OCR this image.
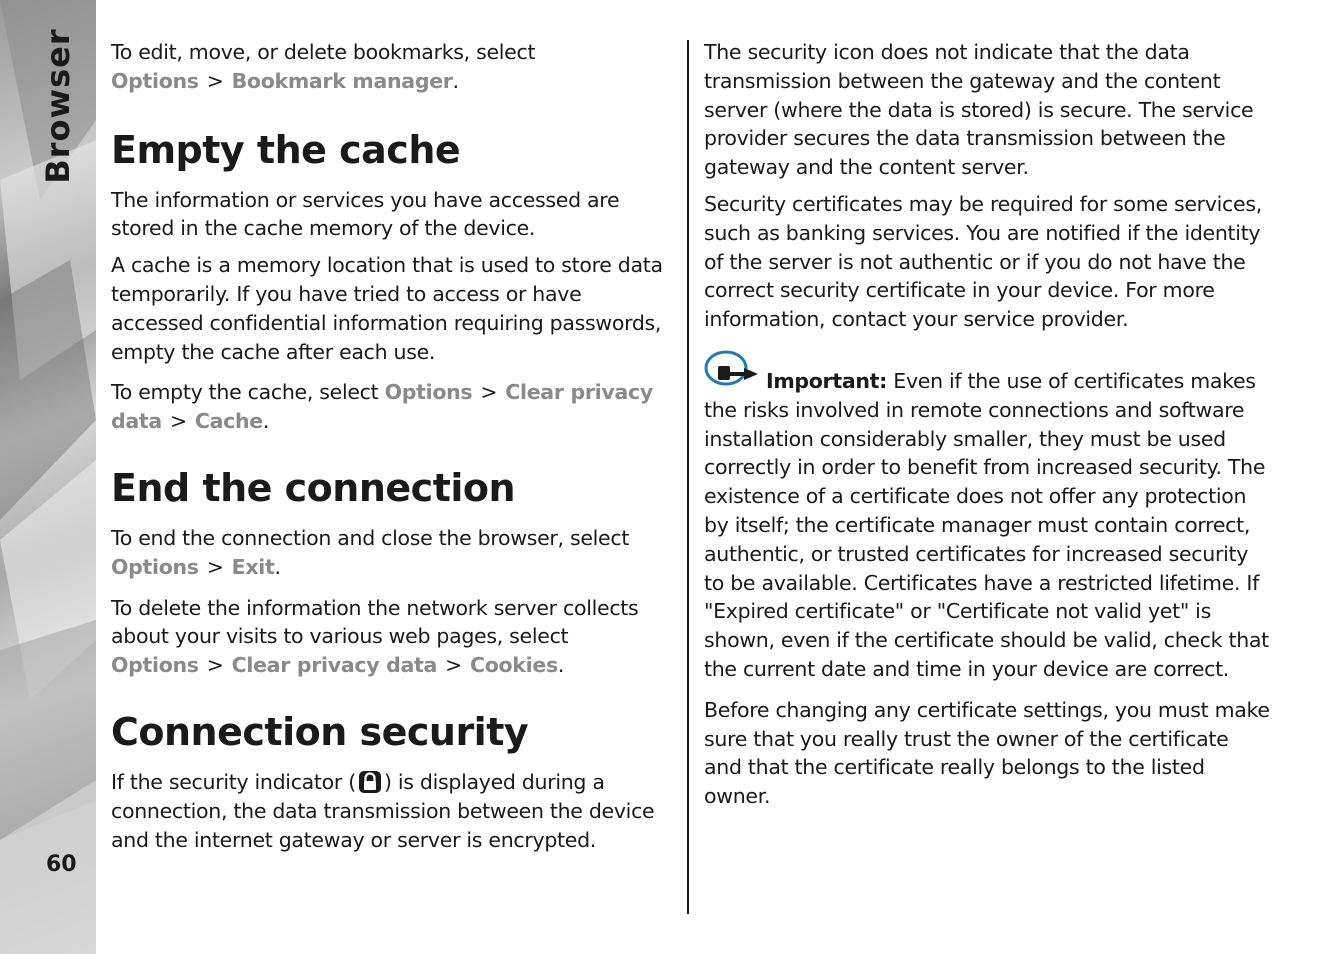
Browser
60

To edit, move, or delete bookmarks, select Options > Bookmark manager.

Empty the cache

The information or services you have accessed are stored in the cache memory of the device.

A cache is a memory location that is used to store data temporarily. If you have tried to access or have accessed confidential information requiring passwords, empty the cache after each use.

To empty the cache, select Options > Clear privacy data > Cache.

End the connection

To end the connection and close the browser, select Options > Exit.

To delete the information the network server collects about your visits to various web pages, select Options > Clear privacy data > Cookies.

Connection security

If the security indicator ( ) is displayed during a connection, the data transmission between the device and the internet gateway or server is encrypted.

The security icon does not indicate that the data transmission between the gateway and the content server (where the data is stored) is secure. The service provider secures the data transmission between the gateway and the content server.

Security certificates may be required for some services, such as banking services. You are notified if the identity of the server is not authentic or if you do not have the correct security certificate in your device. For more information, contact your service provider.

Important: Even if the use of certificates makes the risks involved in remote connections and software installation considerably smaller, they must be used correctly in order to benefit from increased security. The existence of a certificate does not offer any protection by itself; the certificate manager must contain correct, authentic, or trusted certificates for increased security to be available. Certificates have a restricted lifetime. If "Expired certificate" or "Certificate not valid yet" is shown, even if the certificate should be valid, check that the current date and time in your device are correct.

Before changing any certificate settings, you must make sure that you really trust the owner of the certificate and that the certificate really belongs to the listed owner.
